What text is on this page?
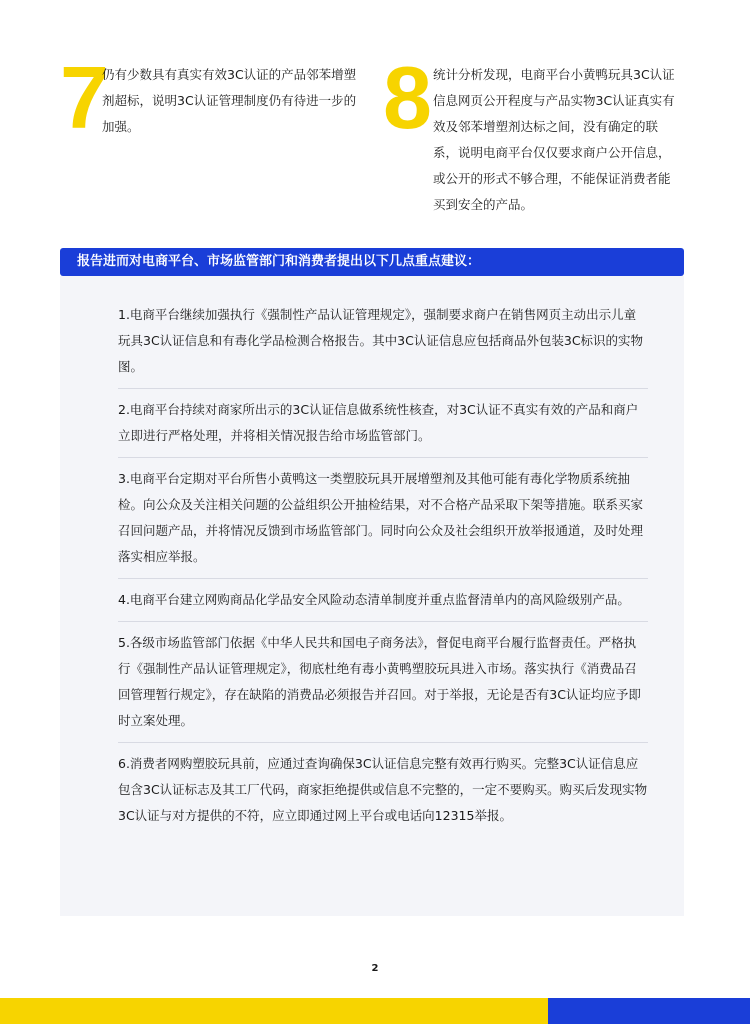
7
仍有少数具有真实有效3C认证的产品邻苯增塑剂超标，说明3C认证管理制度仍有待进一步的加强。	8 统计分析发现，电商平台小黄鸭玩具3C认证信息网页公开程度与产品实物3C认证真实有效及邻苯增塑剂达标之间，没有确定的联系，说明电商平台仅仅要求商户公开信息，或公开的形式不够合理，不能保证消费者能买到安全的产品。
报告进而对电商平台、市场监管部门和消费者提出以下几点重点建议：
1.电商平台继续加强执行《强制性产品认证管理规定》，强制要求商户在销售网页主动出示儿童玩具3C认证信息和有毒化学品检测合格报告。其中3C认证信息应包括商品外包装3C标识的实物图。
2.电商平台持续对商家所出示的3C认证信息做系统性核查，对3C认证不真实有效的产品和商户立即进行严格处理，并将相关情况报告给市场监管部门。
3.电商平台定期对平台所售小黄鸭这一类塑胶玩具开展增塑剂及其他可能有毒化学物质系统抽检。向公众及关注相关问题的公益组织公开抽检结果，对不合格产品采取下架等措施。联系买家召回问题产品，并将情况反馈到市场监管部门。同时向公众及社会组织开放举报通道，及时处理落实相应举报。
4.电商平台建立网购商品化学品安全风险动态清单制度并重点监督清单内的高风险级别产品。
5.各级市场监管部门依据《中华人民共和国电子商务法》，督促电商平台履行监督责任。严格执行《强制性产品认证管理规定》，彻底杜绝有毒小黄鸭塑胶玩具进入市场。落实执行《消费品召回管理暂行规定》，存在缺陷的消费品必须报告并召回。对于举报，无论是否有3C认证均应予即时立案处理。
6.消费者网购塑胶玩具前，应通过查询确保3C认证信息完整有效再行购买。完整3C认证信息应包含3C认证标志及其工厂代码，商家拒绝提供或信息不完整的，一定不要购买。购买后发现实物3C认证与对方提供的不符，应立即通过网上平台或电话向12315举报。
2
